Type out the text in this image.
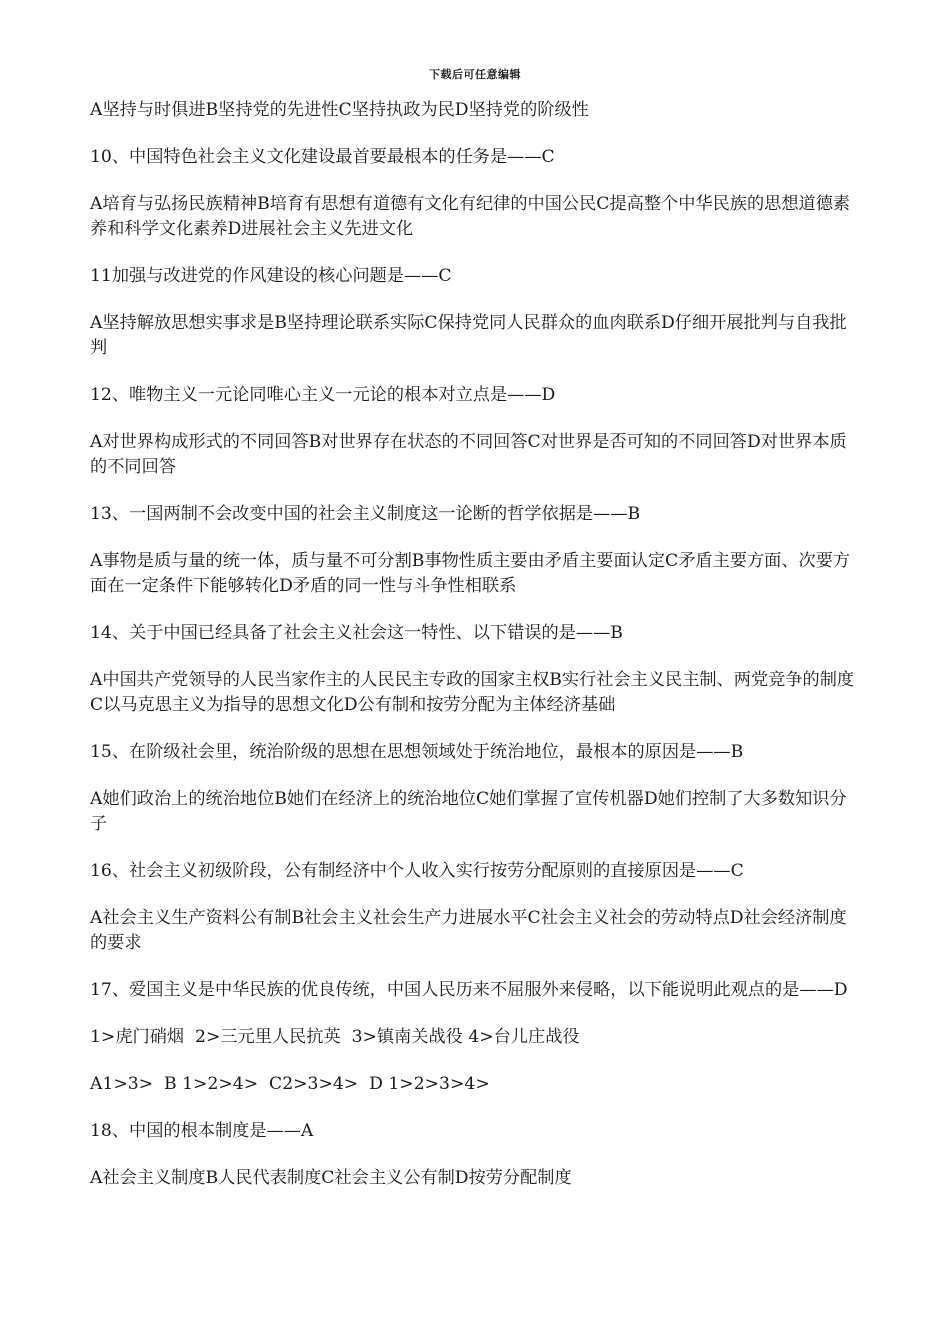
下载后可任意编辑

A坚持与时俱进B坚持党的先进性C坚持执政为民D坚持党的阶级性

10、中国特色社会主义文化建设最首要最根本的任务是——C

A培育与弘扬民族精神B培育有思想有道德有文化有纪律的中国公民C提高整个中华民族的思想道德素养和科学文化素养D进展社会主义先进文化

11加强与改进党的作风建设的核心问题是——C

A坚持解放思想实事求是B坚持理论联系实际C保持党同人民群众的血肉联系D仔细开展批判与自我批判

12、唯物主义一元论同唯心主义一元论的根本对立点是——D

A对世界构成形式的不同回答B对世界存在状态的不同回答C对世界是否可知的不同回答D对世界本质的不同回答

13、一国两制不会改变中国的社会主义制度这一论断的哲学依据是——B

A事物是质与量的统一体，质与量不可分割B事物性质主要由矛盾主要面认定C矛盾主要方面、次要方面在一定条件下能够转化D矛盾的同一性与斗争性相联系

14、关于中国已经具备了社会主义社会这一特性、以下错误的是——B

A中国共产党领导的人民当家作主的人民民主专政的国家主权B实行社会主义民主制、两党竞争的制度C以马克思主义为指导的思想文化D公有制和按劳分配为主体经济基础

15、在阶级社会里，统治阶级的思想在思想领域处于统治地位，最根本的原因是——B

A她们政治上的统治地位B她们在经济上的统治地位C她们掌握了宣传机器D她们控制了大多数知识分子

16、社会主义初级阶段，公有制经济中个人收入实行按劳分配原则的直接原因是——C

A社会主义生产资料公有制B社会主义社会生产力进展水平C社会主义社会的劳动特点D社会经济制度的要求

17、爱国主义是中华民族的优良传统，中国人民历来不屈服外来侵略，以下能说明此观点的是——D

1>虎门硝烟  2>三元里人民抗英  3>镇南关战役 4>台儿庄战役

A1>3>  B 1>2>4>  C2>3>4>  D 1>2>3>4>

18、中国的根本制度是——A

A社会主义制度B人民代表制度C社会主义公有制D按劳分配制度
